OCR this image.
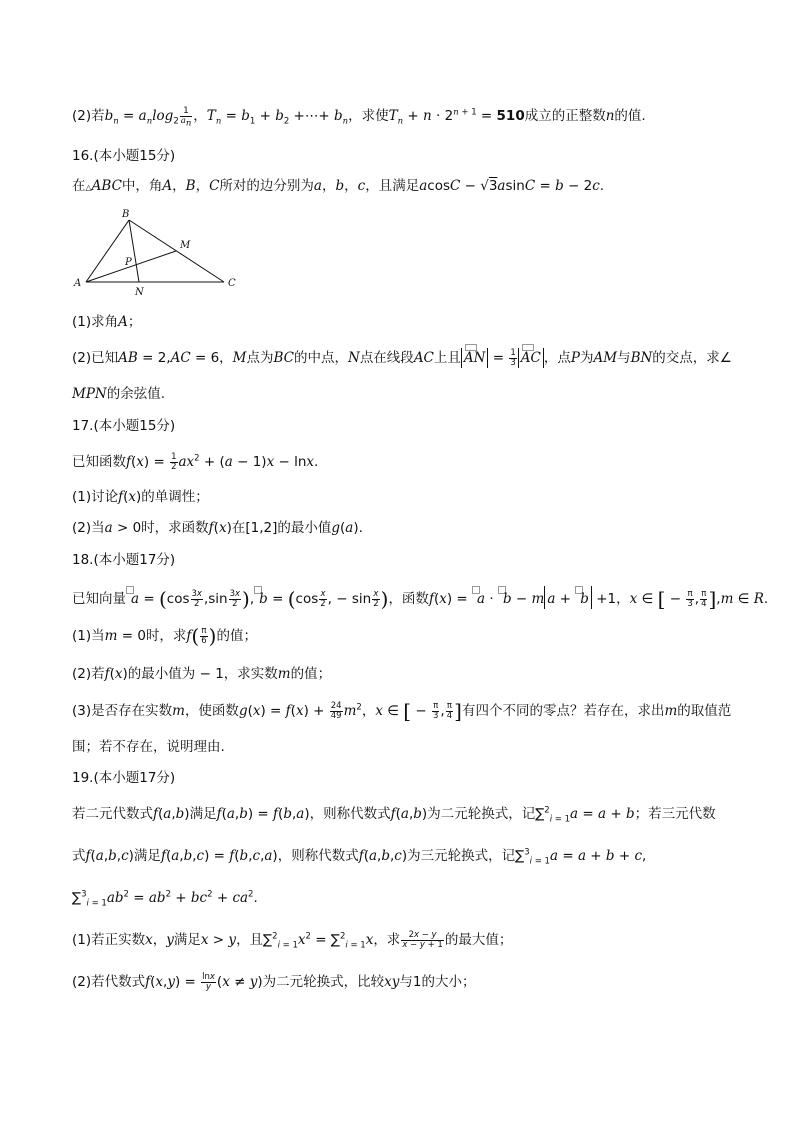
(2)若$b_n = a_n\log_2 \frac{1}{a_n}$ ，$T_n = b_1 + b_2$ +⋯+ $b_n$，求使$T_n + n \cdot 2^{n + 1} = 510$成立的正整数n的值.
16.(本小题15分)
在△ABC中，角A，B，C所对的边分别为a，b，c，且满足acosC − √3asinC = b − 2c.
B
M
P
A
N
C
(1)求角A；
(2)已知AB = 2,AC = 6，M点为BC的中点，N点在线段AC上且 AN = $\frac{1}{3}$ AC ，点P为AM与BN的交点，求∠
MPN的余弦值.
17.(本小题15分)
已知函数$f(x) = \frac{1}{2} ax^2 + (a - 1)x - \ln x$.
(1)讨论f(x)的单调性；
(2)当a > 0时，求函数f(x)在[1,2]的最小值g(a).
18.(本小题17分)
已知向量 $a = (\cos \frac{3x}{2} ,\sin \frac{3x}{2}$ ), $b = (\cos \frac{x}{2}$ , − $\sin \frac{x}{2}$ )，函数f(x) = a · b − m a + b +1，x ∈ [ − $\frac{\pi}{3}$ , $\frac{\pi}{4} ],m$ ∈ R.
(1)当m = 0时，求$f( \frac{\pi}{6}$ )的值；
(2)若f(x)的最小值为 − 1，求实数m的值；
(3)是否存在实数m，使函数$g(x) = f(x) + \frac{24}{49} m^2$，x ∈ [ − $\frac{\pi}{3}$ , $\frac{\pi}{4}$ ]有四个不同的零点？若存在，求出m的取值范
围；若不存在，说明理由.
19.(本小题17分)
若二元代数式f(a,b)满足f(a,b) = f(b,a)，则称代数式f(a,b)为二元轮换式，记∑$^2_{i = 1}$a = a + b；若三元代数
式f(a,b,c)满足f(a,b,c) = f(b,c,a)，则称代数式f(a,b,c)为三元轮换式，记∑$^3_{i = 1}$a = a + b + c,
$\sum^3_{i = 1}ab^2 = ab^2 + bc^2 + ca^2$.
(1)若正实数x，y满足x > y，且$\sum^2_{i = 1}x^2 = \sum^2_{i = 1}x$，求 $\frac{2x - y}{x - y + 1}$ 的最大值；
(2)若代数式$f(x,y) = \frac{\ln x}{y} (x \ne y)$为二元轮换式，比较xy与1的大小；
